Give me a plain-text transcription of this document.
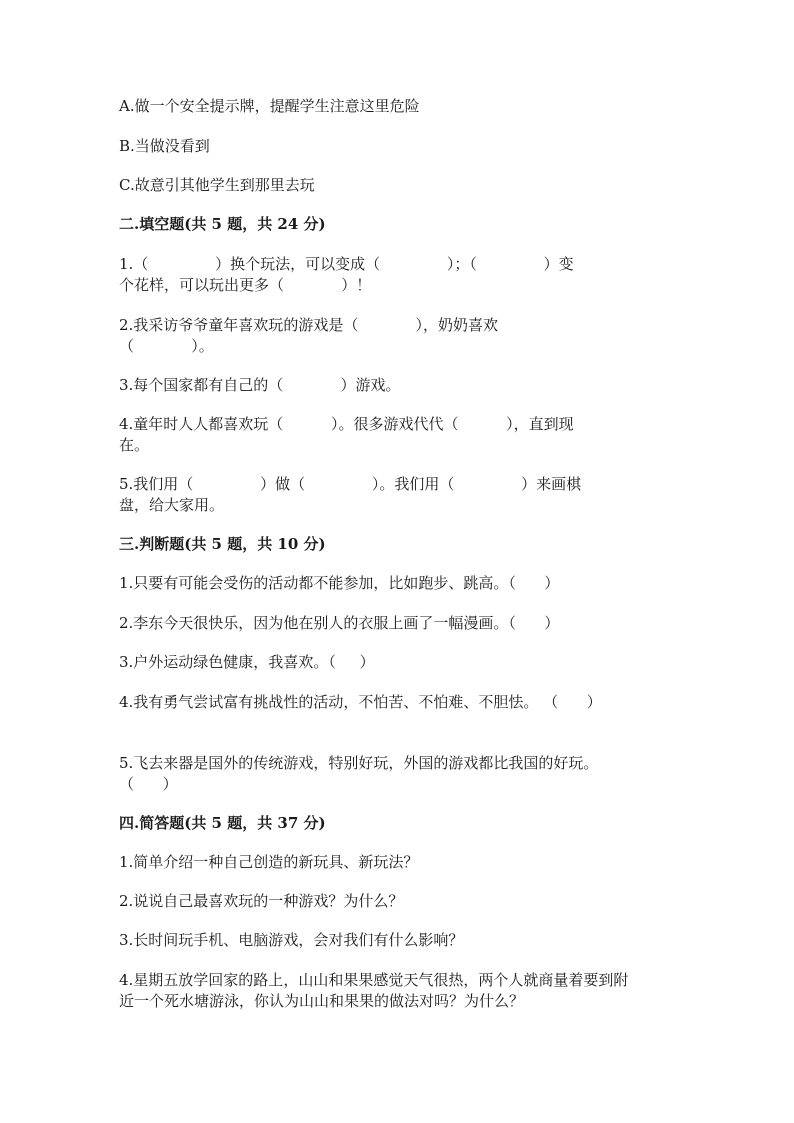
A.做一个安全提示牌，提醒学生注意这里危险
B.当做没看到
C.故意引其他学生到那里去玩
二.填空题(共 5 题，共 24 分)
1.（              ）换个玩法，可以变成（              ）；（              ）变
个花样，可以玩出更多（            ）！
2.我采访爷爷童年喜欢玩的游戏是（            ），奶奶喜欢
（            ）。
3.每个国家都有自己的（            ）游戏。
4.童年时人人都喜欢玩（          ）。很多游戏代代（          ），直到现
在。
5.我们用（              ）做（              ）。我们用（              ）来画棋
盘，给大家用。
三.判断题(共 5 题，共 10 分)
1.只要有可能会受伤的活动都不能参加，比如跑步、跳高。（      ）
2.李东今天很快乐，因为他在别人的衣服上画了一幅漫画。（      ）
3.户外运动绿色健康，我喜欢。（     ）
4.我有勇气尝试富有挑战性的活动，不怕苦、不怕难、不胆怯。 （      ）
5.飞去来器是国外的传统游戏，特别好玩，外国的游戏都比我国的好玩。
（      ）
四.简答题(共 5 题，共 37 分)
1.简单介绍一种自己创造的新玩具、新玩法？
2.说说自己最喜欢玩的一种游戏？为什么？
3.长时间玩手机、电脑游戏，会对我们有什么影响？
4.星期五放学回家的路上，山山和果果感觉天气很热，两个人就商量着要到附
近一个死水塘游泳，你认为山山和果果的做法对吗？为什么？
